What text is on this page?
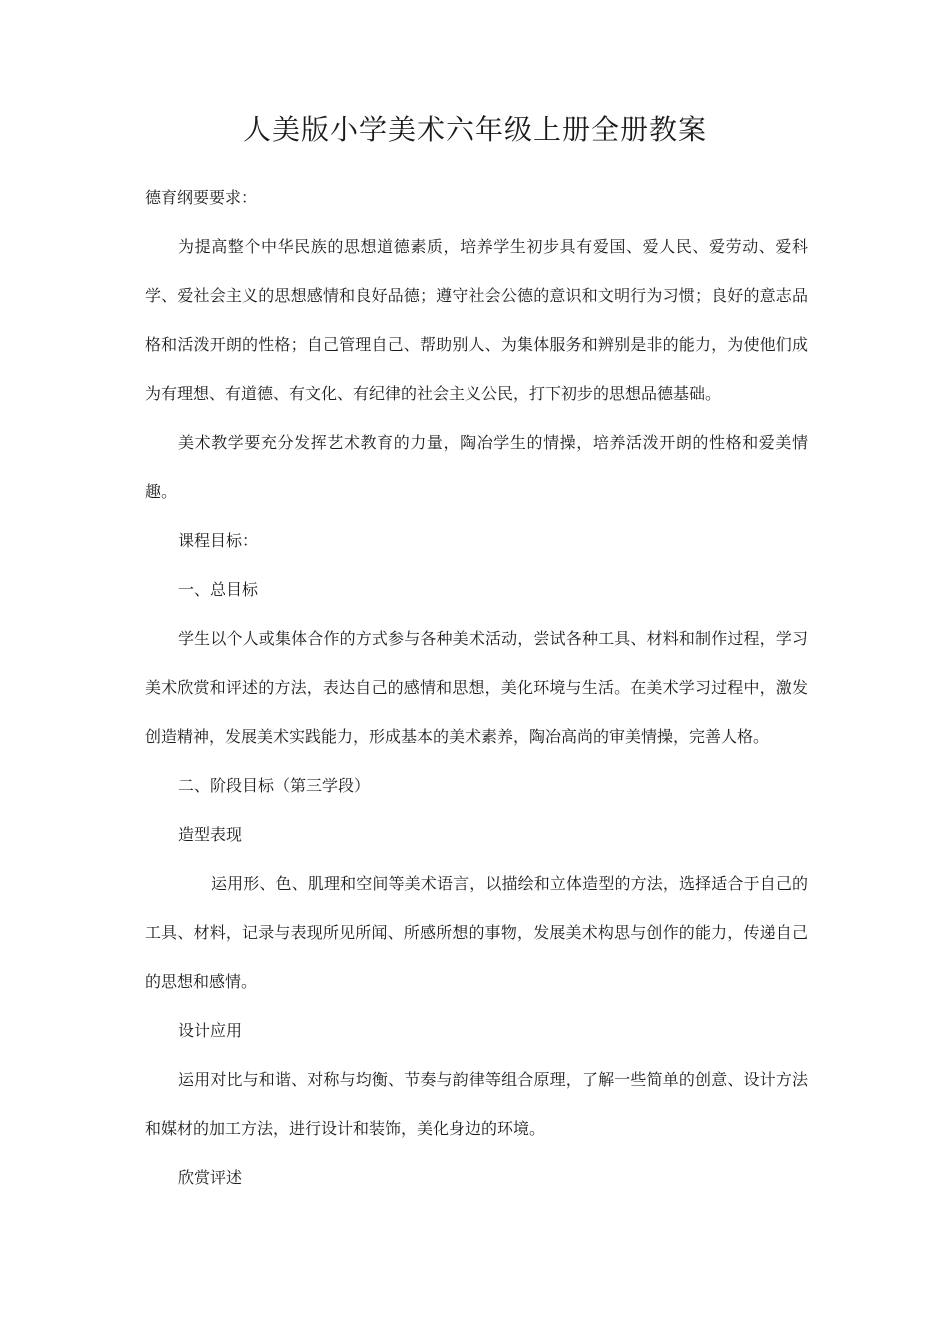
人美版小学美术六年级上册全册教案

德育纲要要求：

为提高整个中华民族的思想道德素质，培养学生初步具有爱国、爱人民、爱劳动、爱科学、爱社会主义的思想感情和良好品德；遵守社会公德的意识和文明行为习惯；良好的意志品格和活泼开朗的性格；自己管理自己、帮助别人、为集体服务和辨别是非的能力，为使他们成为有理想、有道德、有文化、有纪律的社会主义公民，打下初步的思想品德基础。

美术教学要充分发挥艺术教育的力量，陶冶学生的情操，培养活泼开朗的性格和爱美情趣。

课程目标：

一、总目标

学生以个人或集体合作的方式参与各种美术活动，尝试各种工具、材料和制作过程，学习美术欣赏和评述的方法，表达自己的感情和思想，美化环境与生活。在美术学习过程中，激发创造精神，发展美术实践能力，形成基本的美术素养，陶冶高尚的审美情操，完善人格。

二、阶段目标（第三学段）

造型表现

运用形、色、肌理和空间等美术语言，以描绘和立体造型的方法，选择适合于自己的工具、材料，记录与表现所见所闻、所感所想的事物，发展美术构思与创作的能力，传递自己的思想和感情。

设计应用

运用对比与和谐、对称与均衡、节奏与韵律等组合原理，了解一些简单的创意、设计方法和媒材的加工方法，进行设计和装饰，美化身边的环境。

欣赏评述
